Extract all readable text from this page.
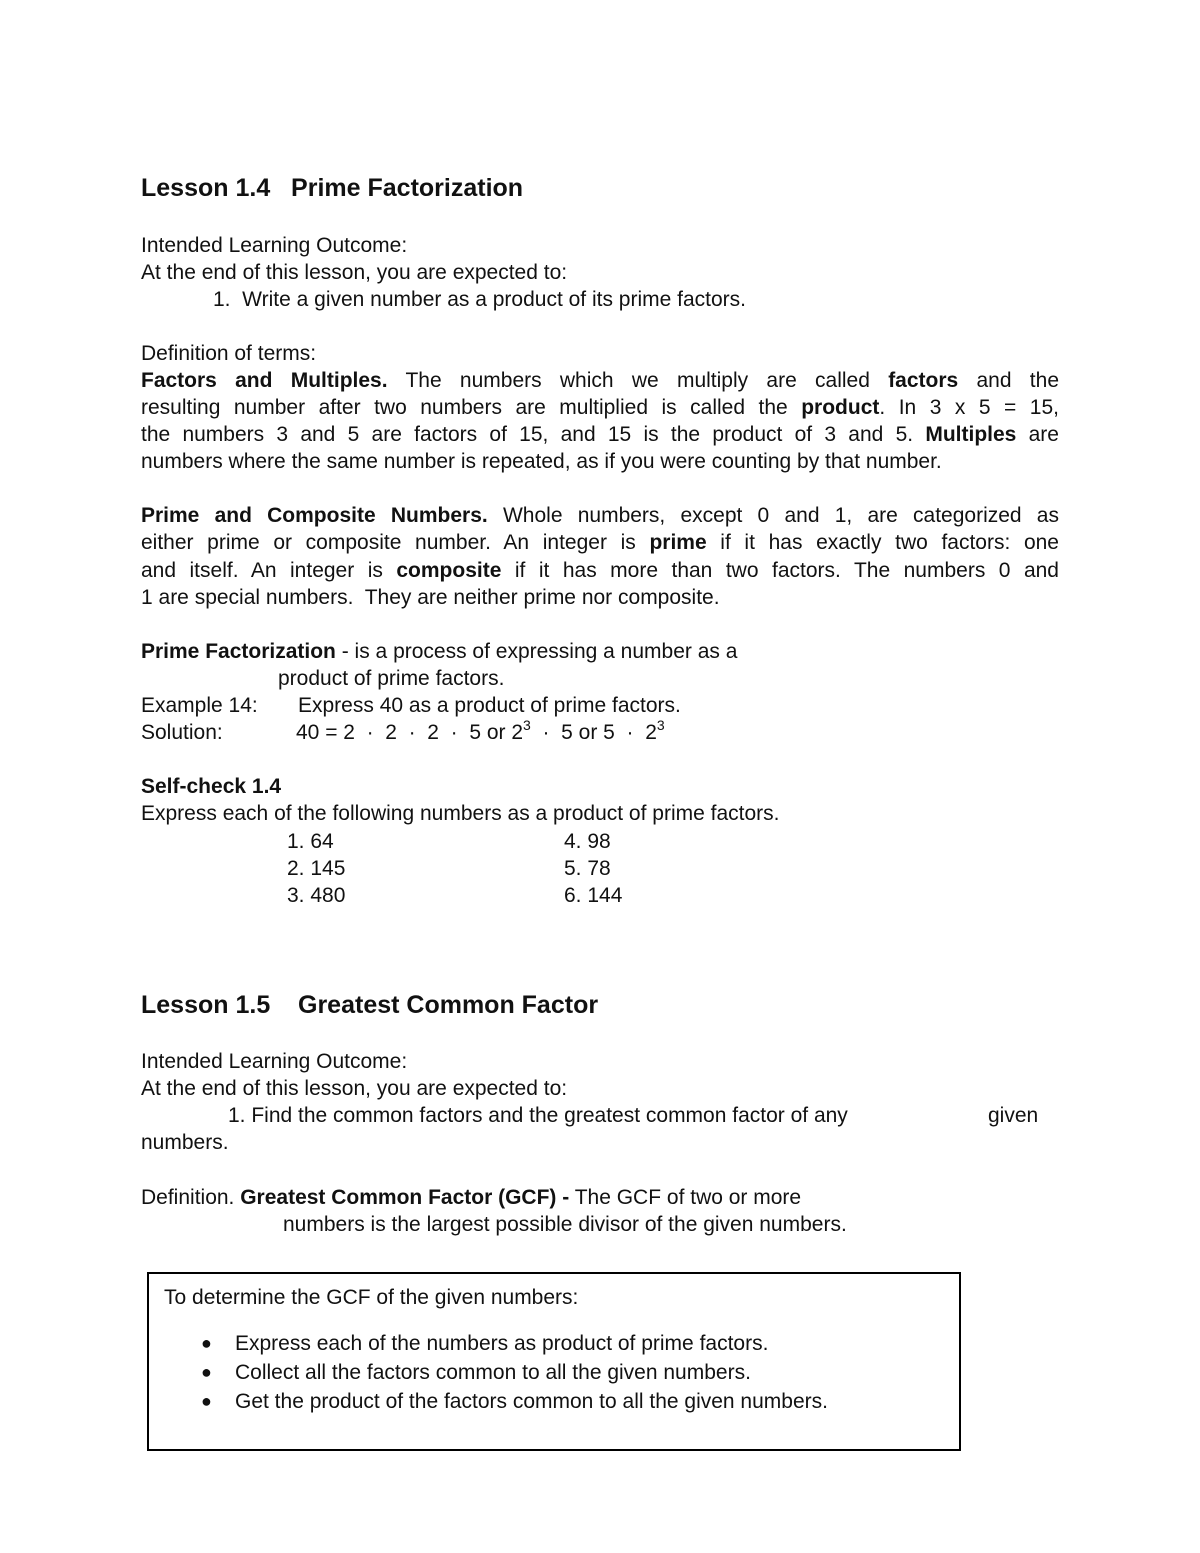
Lesson 1.4   Prime Factorization
Intended Learning Outcome:
At the end of this lesson, you are expected to:
1.  Write a given number as a product of its prime factors.
Definition of terms:
Factors and Multiples. The numbers which we multiply are called factors and the
resulting number after two numbers are multiplied is called the product. In 3 x 5 = 15,
the numbers 3 and 5 are factors of 15, and 15 is the product of 3 and 5. Multiples are
numbers where the same number is repeated, as if you were counting by that number.
Prime and Composite Numbers. Whole numbers, except 0 and 1, are categorized as
either prime or composite number. An integer is prime if it has exactly two factors: one
and itself. An integer is composite if it has more than two factors. The numbers 0 and
1 are special numbers.  They are neither prime nor composite.
Prime Factorization - is a process of expressing a number as a
product of prime factors.
Example 14: Express 40 as a product of prime factors.
Solution:	40 = 2  ·  2  ·  2  ·  5 or $2^3 \cdot 5$ or $5 \cdot 2^3$
Self-check 1.4
Express each of the following numbers as a product of prime factors.
1. 64
2. 145
3. 480
4. 98
5. 78
6. 144
Lesson 1.5    Greatest Common Factor
Intended Learning Outcome:
At the end of this lesson, you are expected to:
1. Find the common factors and the greatest common factor of any	given
numbers.
Definition. Greatest Common Factor (GCF) - The GCF of two or more
numbers is the largest possible divisor of the given numbers.
To determine the GCF of the given numbers:
● Express each of the numbers as product of prime factors.
● Collect all the factors common to all the given numbers.
● Get the product of the factors common to all the given numbers.
